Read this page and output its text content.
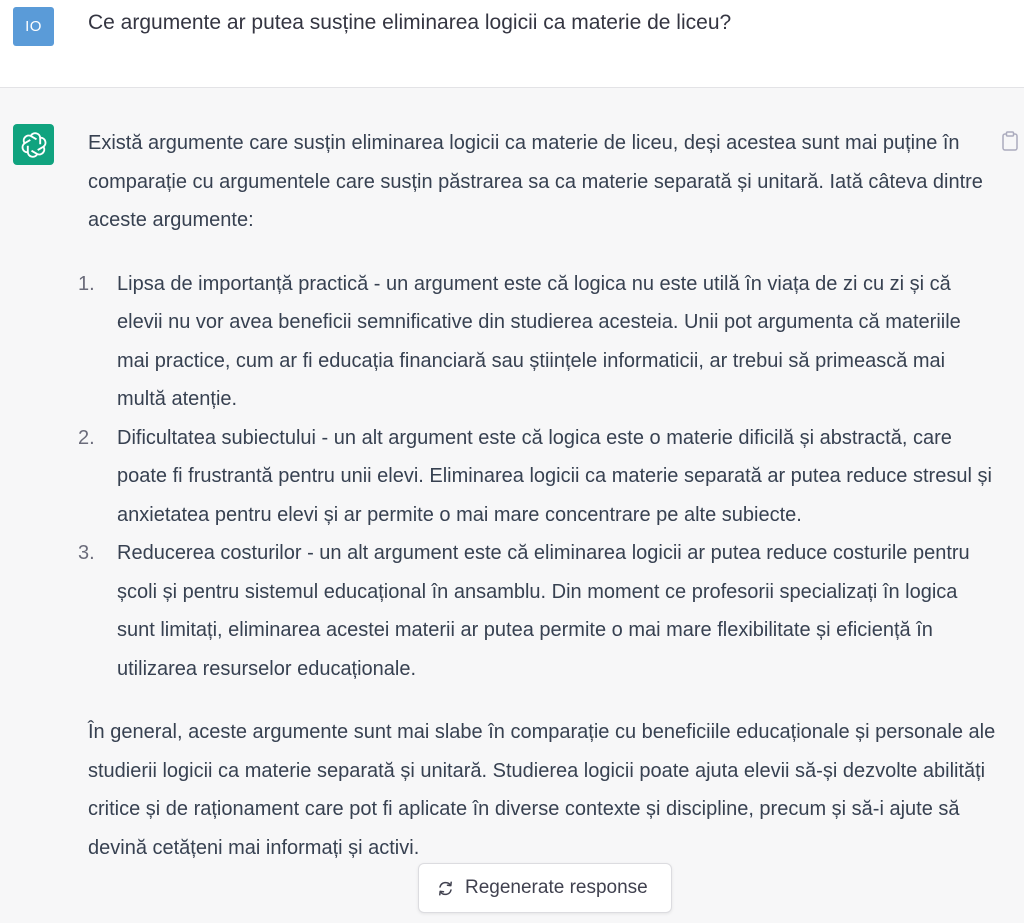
IO	Ce argumente ar putea susține eliminarea logicii ca materie de liceu?

Există argumente care susțin eliminarea logicii ca materie de liceu, deși acestea sunt mai puține în comparație cu argumentele care susțin păstrarea sa ca materie separată și unitară. Iată câteva dintre aceste argumente:

1.	Lipsa de importanță practică - un argument este că logica nu este utilă în viața de zi cu zi și că elevii nu vor avea beneficii semnificative din studierea acesteia. Unii pot argumenta că materiile mai practice, cum ar fi educația financiară sau științele informaticii, ar trebui să primească mai multă atenție.
2.	Dificultatea subiectului - un alt argument este că logica este o materie dificilă și abstractă, care poate fi frustrantă pentru unii elevi. Eliminarea logicii ca materie separată ar putea reduce stresul și anxietatea pentru elevi și ar permite o mai mare concentrare pe alte subiecte.
3.	Reducerea costurilor - un alt argument este că eliminarea logicii ar putea reduce costurile pentru școli și pentru sistemul educațional în ansamblu. Din moment ce profesorii specializați în logica sunt limitați, eliminarea acestei materii ar putea permite o mai mare flexibilitate și eficiență în utilizarea resurselor educaționale.

În general, aceste argumente sunt mai slabe în comparație cu beneficiile educaționale și personale ale studierii logicii ca materie separată și unitară. Studierea logicii poate ajuta elevii să-și dezvolte abilități critice și de raționament care pot fi aplicate în diverse contexte și discipline, precum și să-i ajute să devină cetățeni mai informați și activi.

Regenerate response
